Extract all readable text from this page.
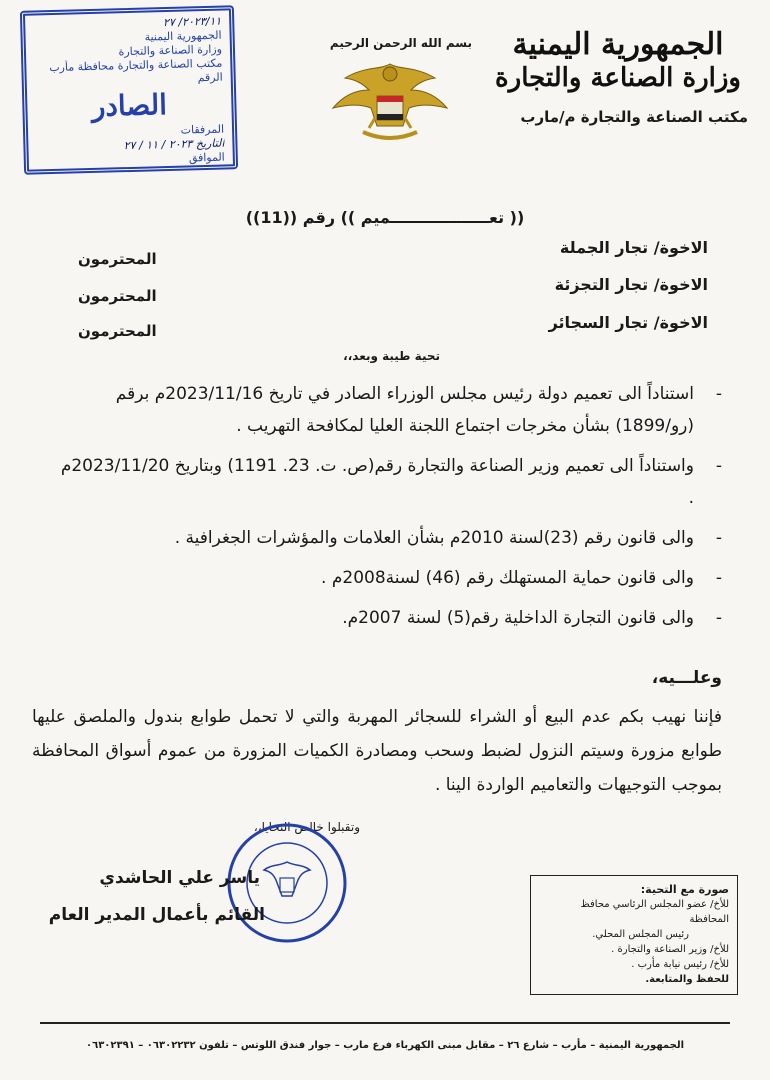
۲۰۲۳/۱۱/ ۲۷
الجمهورية اليمنية
وزارة الصناعة والتجارة
مكتب الصناعة والتجارة محافظة مأرب
الرقم
الصادر
المرفقات
التاريخ ۲۰۲۳ / ۱۱ / ۲۷
الموافق
بسم الله الرحمن الرحيم	الجمهورية اليمنية
وزارة الصناعة والتجارة
مكتب الصناعة والتجارة م/مارب
(( تعــــــــــــــــــميم )) رقم ((11))
الاخوة/ تجار الجملة
المحترمون
الاخوة/ تجار التجزئة
المحترمون
الاخوة/ تجار السجائر
المحترمون
تحية طيبة وبعد،،
- استناداً الى تعميم دولة رئيس مجلس الوزراء الصادر في تاريخ 2023/11/16م برقم (رو/1899) بشأن مخرجات اجتماع اللجنة العليا لمكافحة التهريب .
- واستناداً الى تعميم وزير الصناعة والتجارة رقم(ص. ت. 23. 1191) وبتاريخ 2023/11/20م .
- والى قانون رقم (23)لسنة 2010م بشأن العلامات والمؤشرات الجغرافية .
- والى قانون حماية المستهلك رقم (46) لسنة2008م .
- والى قانون التجارة الداخلية رقم(5) لسنة 2007م.
وعلـــيه،
فإننا نهيب بكم عدم البيع أو الشراء للسجائر المهربة والتي لا تحمل طوابع بندول والملصق عليها طوابع مزورة وسيتم النزول لضبط وسحب ومصادرة الكميات المزورة من عموم أسواق المحافظة بموجب التوجيهات والتعاميم الواردة الينا .
وتقبلوا خالص التحايا،،
ياسر علي الحاشدي
القائم بأعمال المدير العام
صورة مع التحية:
للأخ/ عضو المجلس الرئاسي محافظ المحافظة
رئيس المجلس المحلي.
للأخ/ وزير الصناعة والتجارة .
للأخ/ رئيس نيابة مأرب .
للحفظ والمتابعة.
الجمهورية اليمنية – مأرب – شارع ٢٦ – مقابل مبنى الكهرباء فرع مارب – جوار فندق اللوتس – تلفون ٠٦٣٠٢٢٣٢ – ٠٦٣٠٢٣٩١
